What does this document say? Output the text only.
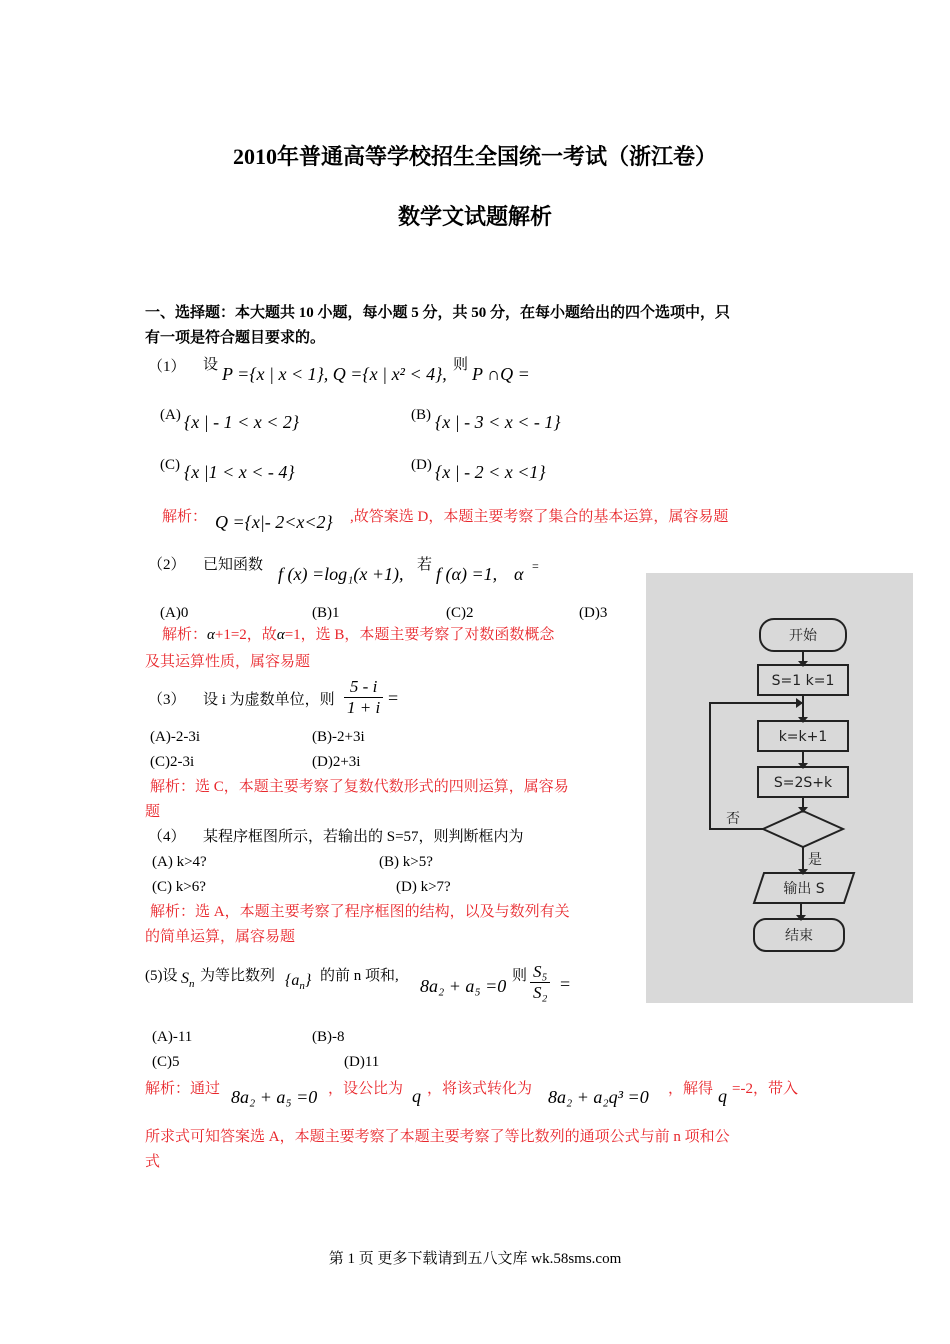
2010年普通高等学校招生全国统一考试（浙江卷）
数学文试题解析
一、选择题：本大题共 10 小题，每小题 5 分，共 50 分，在每小题给出的四个选项中，只
有一项是符合题目要求的。
（1） 设 P ={x | x < 1}, Q ={x | x² < 4}, 则 P ∩Q =
(A) {x | - 1 < x < 2}	(B) {x | - 3 < x < - 1}
(C) {x |1 < x < - 4}	(D) {x | - 2 < x <1}
解析： Q ={x|- 2<x<2} ,故答案选 D，本题主要考察了集合的基本运算，属容易题
（2） 已知函数 f (x) =log₁(x +1), 若 f (α) =1, α =
(A)0	(B)1	(C)2	(D)3
解析：α+1=2，故α=1，选 B，本题主要考察了对数函数概念
及其运算性质，属容易题
（3） 设 i 为虚数单位，则 $\frac{5 - i}{1 + i}$ =
(A)-2-3i	(B)-2+3i
(C)2-3i	(D)2+3i
解析：选 C，本题主要考察了复数代数形式的四则运算，属容易
题
（4） 某程序框图所示，若输出的 S=57，则判断框内为
(A) k>4?	(B) k>5?
(C) k>6?	(D) k>7?
解析：选 A，本题主要考察了程序框图的结构，以及与数列有关
的简单运算，属容易题
开始
S=1 k=1
k=k+1
S=2S+k
否
是
输出 S
结束
(5)设 $S_n$
为等比数列 $\{a_n\}$ 的前 n 项和, 8a₂ + a₅ =0 则 $\frac{\text{S₅}}{\text{S₂}}$ =
(A)-11	(B)-8
(C)5	(D)11
解析：通过 8a₂ + a₅ =0 ，设公比为 q ，将该式转化为 8a₂ + a₂q³ =0 ，解得 q =-2，带入
所求式可知答案选 A，本题主要考察了本题主要考察了等比数列的通项公式与前 n 项和公
式
第 1 页 更多下载请到五八文库 wk.58sms.com
